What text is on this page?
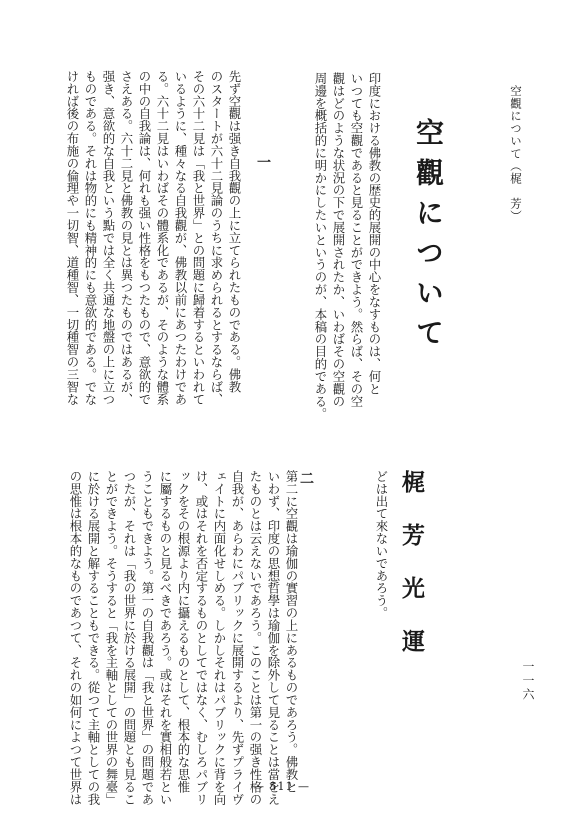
空觀について（梶　芳）

一一六

空觀について

梶芳光運

印度における佛教の歴史的展開の中心をなすものは、何と
いつても空觀であると見ることができよう。然らば、その空
觀はどのような状況の下で展開されたか、いわばその空觀の
周邊を概括的に明かにしたいというのが、本稿の目的である。
どは出て來ないであろう。
一
先ず空觀は强き自我觀の上に立てられたものである。佛教
のスタートが六十二見論のうちに求められるとするならば、
その六十二見は「我と世界」との問題に歸着するといわれて
いるように、種々なる自我觀が、佛教以前にあつたわけであ
る。六十二見はいわばその體系化であるが、そのような體系
の中の自我論は、何れも强い性格をもつたもので、意欲的で
さえある。六十二見と佛教の見とは異つたものではあるが、
强き、意欲的な自我という點では全く共通な地盤の上に立つ
ものである。それは物的にも精神的にも意欲的である。でな
ければ後の布施の倫理や一切智、道種智、一切種智の三智な
二
第二に空觀は瑜伽の實習の上にあるものであろう。佛教と
いわず、印度の思想哲學は瑜伽を除外して見ることは當をえ
たものとは云えないであろう。このことは第一の强き性格の
自我が、あらわにパブリックに展開するより、先ずプライヴ
ェイトに内面化せしめる。しかしそれはパブリックに背を向
け、或はそれを否定するものとしてではなく、むしろパブリ
ックをその根源より内に攝えるものとして、根本的な思惟
に屬するものと見るべきであろう。或はそれを實相般若とい
うこともできよう。第一の自我觀は「我と世界」の問題であ
つたが、それは「我の世界に於ける展開」の問題とも見るこ
とができよう。そうすると「我を主軸としての世界の舞臺」
に於ける展開と解することもできる。從つて主軸としての我
の思惟は根本的なものであつて、それの如何によつて世界は	— 511 —
